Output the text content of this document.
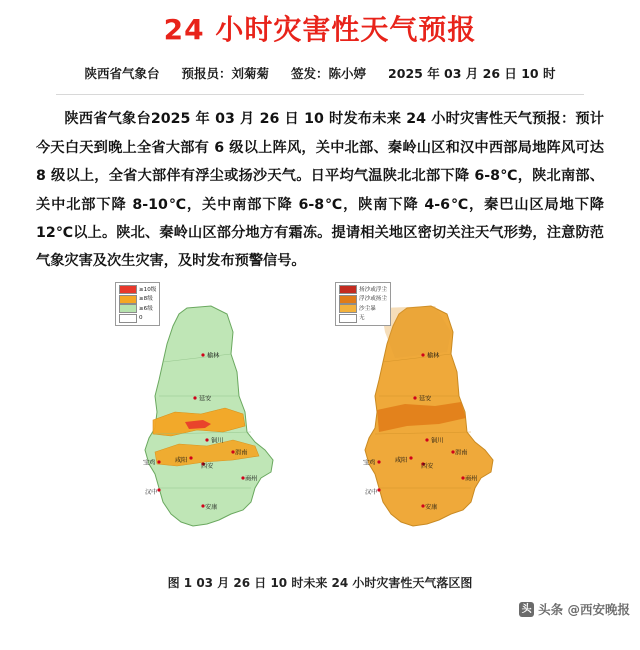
24 小时灾害性天气预报
陕西省气象台 预报员：刘菊菊 签发：陈小婷 2025 年 03 月 26 日 10 时
陕西省气象台2025 年 03 月 26 日 10 时发布未来 24 小时灾害性天气预报：预计今天白天到晚上全省大部有 6 级以上阵风，关中北部、秦岭山区和汉中西部局地阵风可达 8 级以上，全省大部伴有浮尘或扬沙天气。日平均气温陕北北部下降 6-8℃，陕北南部、关中北部下降 8-10℃，关中南部下降 6-8℃，陕南下降 4-6℃，秦巴山区局地下降 12℃以上。陕北、秦岭山区部分地方有霜冻。提请相关地区密切关注天气形势，注意防范气象灾害及次生灾害，及时发布预警信号。
≥10级
≥8级
≥6级
0
榆林
延安
铜川
宝鸡	咸阳
西安
渭南
商州
汉中
安康
扬沙或浮尘
浮沙或扬尘
沙尘暴
无
榆林
延安
铜川
宝鸡	咸阳
西安
渭南
商州
汉中
安康
图 1 03 月 26 日 10 时未来 24 小时灾害性天气落区图
头 头条 @西安晚报
